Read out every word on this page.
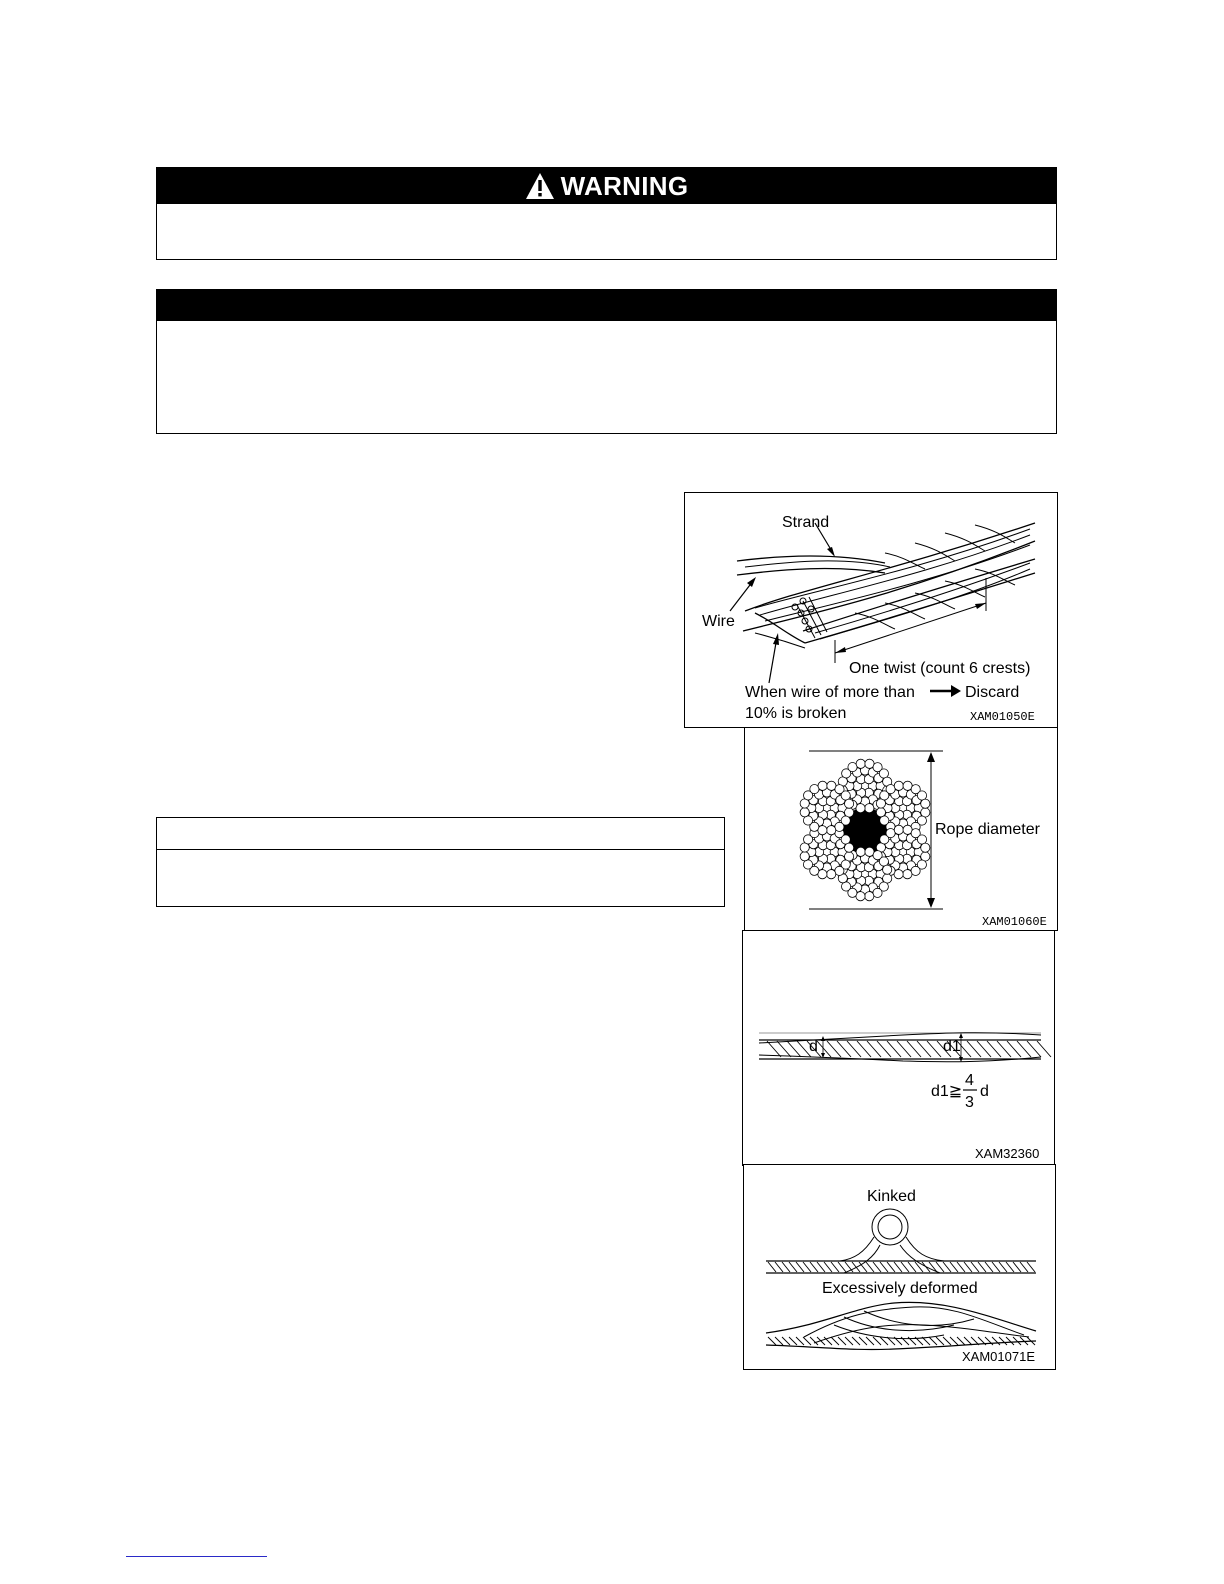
WARNING
Strand
Wire
One twist (count 6 crests)
When wire of more than	Discard
10% is broken	XAM01050E
Rope diameter
XAM01060E
d	d1
d1≧
4
3
d
XAM32360
Kinked
Excessively deformed
XAM01071E
